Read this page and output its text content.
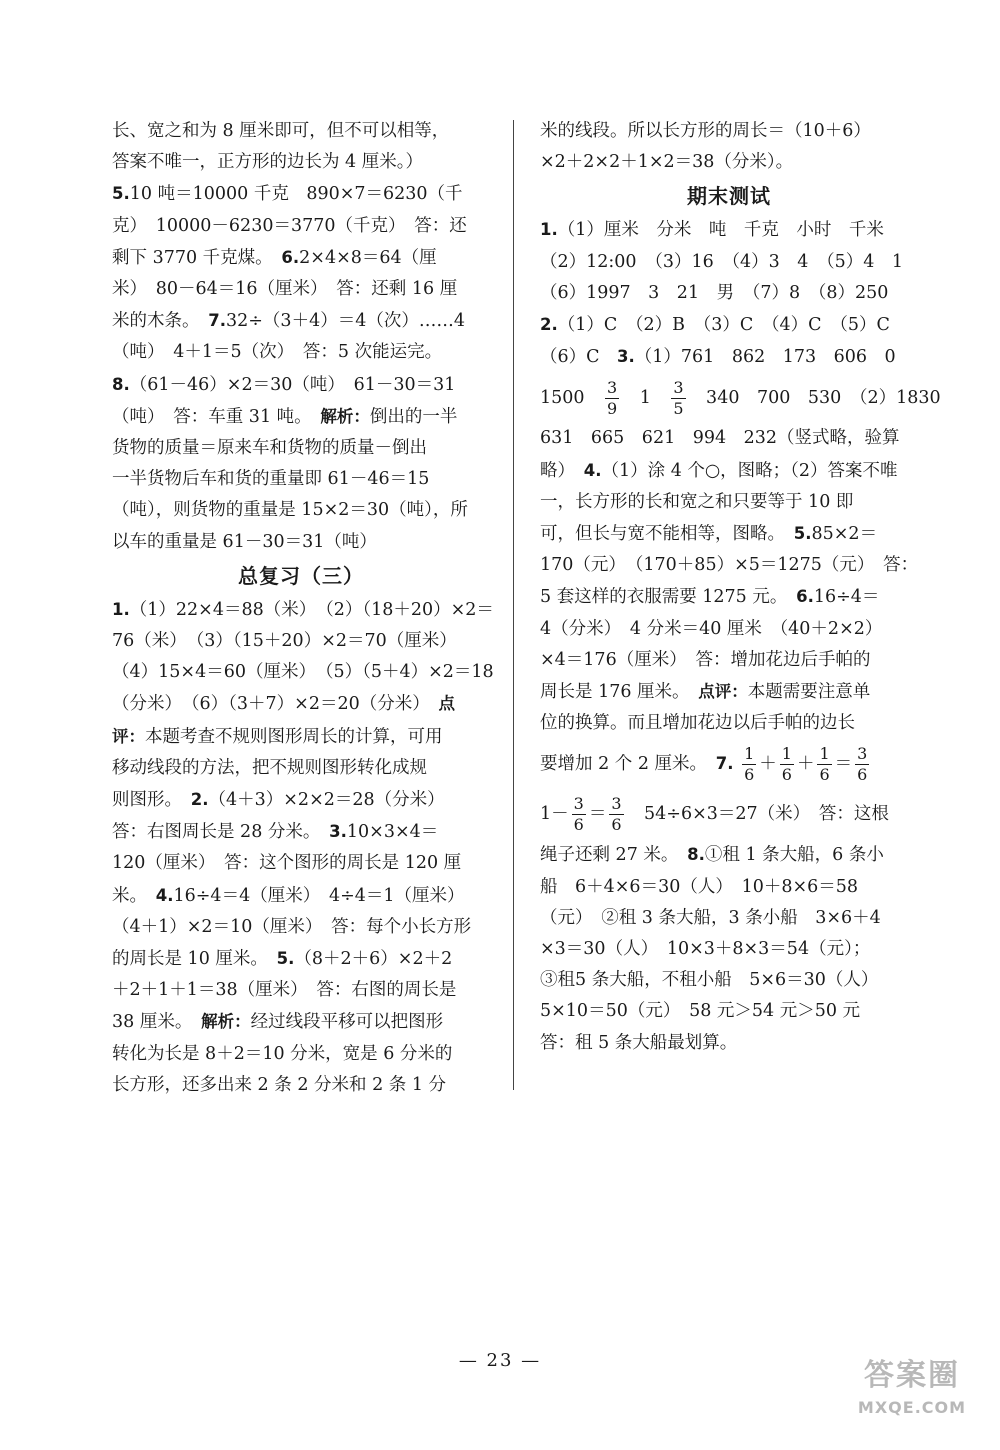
长、宽之和为 8 厘米即可，但不可以相等，
答案不唯一，正方形的边长为 4 厘米。）
5.10 吨＝10000 千克　890×7＝6230（千
克）　10000－6230＝3770（千克）　答：还
剩下 3770 千克煤。　6.2×4×8＝64（厘
米）　80－64＝16（厘米）　答：还剩 16 厘
米的木条。　7.32÷（3＋4）＝4（次）……4
（吨）　4＋1＝5（次）　答：5 次能运完。
8.（61－46）×2＝30（吨）　61－30＝31
（吨）　答：车重 31 吨。　解析：倒出的一半
货物的质量＝原来车和货物的质量－倒出
一半货物后车和货的重量即 61－46＝15
（吨），则货物的重量是 15×2＝30（吨），所
以车的重量是 61－30＝31（吨）
总复习（三）
1.（1）22×4＝88（米）　（2）（18＋20）×2＝
76（米）　（3）（15＋20）×2＝70（厘米）
（4）15×4＝60（厘米）　（5）（5＋4）×2＝18
（分米）　（6）（3＋7）×2＝20（分米）　点
评：本题考查不规则图形周长的计算，可用
移动线段的方法，把不规则图形转化成规
则图形。　2.（4＋3）×2×2＝28（分米）
答：右图周长是 28 分米。　3.10×3×4＝
120（厘米）　答：这个图形的周长是 120 厘
米。　4.16÷4＝4（厘米）　4÷4＝1（厘米）
（4＋1）×2＝10（厘米）　答：每个小长方形
的周长是 10 厘米。　5.（8＋2＋6）×2＋2
＋2＋1＋1＝38（厘米）　答：右图的周长是
38 厘米。　解析：经过线段平移可以把图形
转化为长是 8＋2＝10 分米，宽是 6 分米的
长方形，还多出来 2 条 2 分米和 2 条 1 分
米的线段。所以长方形的周长＝（10＋6）
×2＋2×2＋1×2＝38（分米）。
期末测试
1.（1）厘米　分米　吨　千克　小时　千米
（2）12:00　（3）16　（4）3　4　（5）4　1
（6）1997　3　21　男　（7）8　（8）250
2.（1）C　（2）B　（3）C　（4）C　（5）C
（6）C　3.（1）761　862　173　606　0
1500　 $\frac{3}{9}$ 　1　 $\frac{3}{5}$ 　340　700　530　（2）1830
631　665　621　994　232（竖式略，验算
略）　4.（1）涂 4 个○，图略；（2）答案不唯
一，长方形的长和宽之和只要等于 10 即
可，但长与宽不能相等，图略。　5.85×2＝
170（元）　（170＋85）×5＝1275（元）　答：
5 套这样的衣服需要 1275 元。　6.16÷4＝
4（分米）　4 分米＝40 厘米　（40＋2×2）
×4＝176（厘米）　答：增加花边后手帕的
周长是 176 厘米。　点评：本题需要注意单
位的换算。而且增加花边以后手帕的边长
要增加 2 个 2 厘米。　7. $\frac{1}{6} + \frac{1}{6} + \frac{1}{6} = \frac{3}{6}$
$1- \frac{3}{6} = \frac{3}{6}$ 　54÷6×3＝27（米）　答：这根
绳子还剩 27 米。　8.①租 1 条大船，6 条小
船　6＋4×6＝30（人）　10＋8×6＝58
（元）　②租 3 条大船，3 条小船　3×6＋4
×3＝30（人）　10×3＋8×3＝54（元）；
③租5 条大船，不租小船　5×6＝30（人）
5×10＝50（元）　58 元＞54 元＞50 元
答：租 5 条大船最划算。
— 23 —	答案圈
MXQE.COM
